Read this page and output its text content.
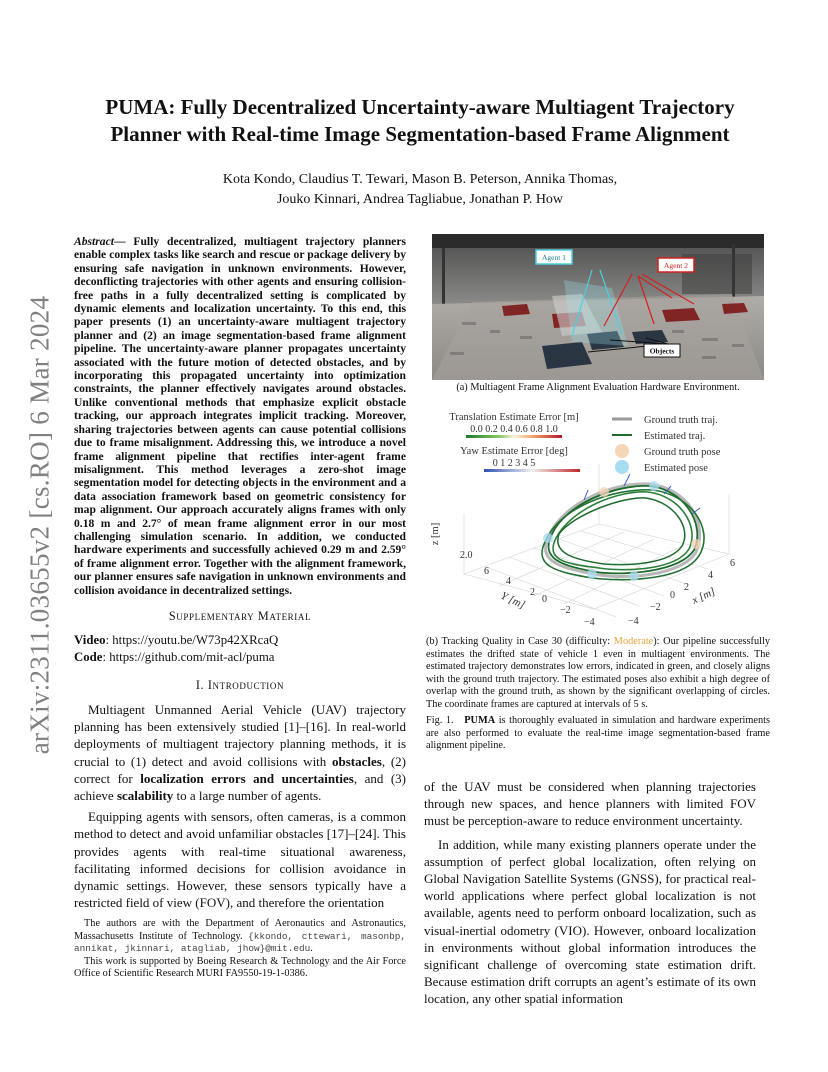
arXiv:2311.03655v2 [cs.RO] 6 Mar 2024
PUMA: Fully Decentralized Uncertainty-aware Multiagent Trajectory Planner with Real-time Image Segmentation-based Frame Alignment
Kota Kondo, Claudius T. Tewari, Mason B. Peterson, Annika Thomas,
Jouko Kinnari, Andrea Tagliabue, Jonathan P. How

Abstract— Fully decentralized, multiagent trajectory planners enable complex tasks like search and rescue or package delivery by ensuring safe navigation in unknown environments. However, deconflicting trajectories with other agents and ensuring collision-free paths in a fully decentralized setting is complicated by dynamic elements and localization uncertainty. To this end, this paper presents (1) an uncertainty-aware multiagent trajectory planner and (2) an image segmentation-based frame alignment pipeline. The uncertainty-aware planner propagates uncertainty associated with the future motion of detected obstacles, and by incorporating this propagated uncertainty into optimization constraints, the planner effectively navigates around obstacles. Unlike conventional methods that emphasize explicit obstacle tracking, our approach integrates implicit tracking. Moreover, sharing trajectories between agents can cause potential collisions due to frame misalignment. Addressing this, we introduce a novel frame alignment pipeline that rectifies inter-agent frame misalignment. This method leverages a zero-shot image segmentation model for detecting objects in the environment and a data association framework based on geometric consistency for map alignment. Our approach accurately aligns frames with only 0.18 m and 2.7° of mean frame alignment error in our most challenging simulation scenario. In addition, we conducted hardware experiments and successfully achieved 0.29 m and 2.59° of frame alignment error. Together with the alignment framework, our planner ensures safe navigation in unknown environments and collision avoidance in decentralized settings.

Supplementary Material
Video: https://youtu.be/W73p42XRcaQ
Code: https://github.com/mit-acl/puma
I. Introduction

Multiagent Unmanned Aerial Vehicle (UAV) trajectory planning has been extensively studied [1]–[16]. In real-world deployments of multiagent trajectory planning methods, it is crucial to (1) detect and avoid collisions with obstacles, (2) correct for localization errors and uncertainties, and (3) achieve scalability to a large number of agents.

Equipping agents with sensors, often cameras, is a common method to detect and avoid unfamiliar obstacles [17]–[24]. This provides agents with real-time situational awareness, facilitating informed decisions for collision avoidance in dynamic settings. However, these sensors typically have a restricted field of view (FOV), and therefore the orientation

The authors are with the Department of Aeronautics and Astronautics, Massachusetts Institute of Technology. {kkondo, cttewari, masonbp, annikat, jkinnari, atagliab, jhow}@mit.edu.

This work is supported by Boeing Research & Technology and the Air Force Office of Scientific Research MURI FA9550-19-1-0386.

Agent 1
Agent 2
Objects
(a) Multiagent Frame Alignment Evaluation Hardware Environment.
Translation Estimate Error [m]
0.0 0.2 0.4 0.6 0.8 1.0
Yaw Estimate Error [deg]
0 1 2 3 4 5
Ground truth traj.
Estimated traj.
Ground truth pose
Estimated pose
z [m]
2.0
6
4
2
0
−2
−4
Y [m]
6
4
2
0
−2
−4
x [m]
(b) Tracking Quality in Case 30 (difficulty: Moderate): Our pipeline successfully estimates the drifted state of vehicle 1 even in multiagent environments. The estimated trajectory demonstrates low errors, indicated in green, and closely aligns with the ground truth trajectory. The estimated poses also exhibit a high degree of overlap with the ground truth, as shown by the significant overlapping of circles. The coordinate frames are captured at intervals of 5 s.
Fig. 1. PUMA is thoroughly evaluated in simulation and hardware experiments are also performed to evaluate the real-time image segmentation-based frame alignment pipeline.

of the UAV must be considered when planning trajectories through new spaces, and hence planners with limited FOV must be perception-aware to reduce environment uncertainty.

In addition, while many existing planners operate under the assumption of perfect global localization, often relying on Global Navigation Satellite Systems (GNSS), for practical real-world applications where perfect global localization is not available, agents need to perform onboard localization, such as visual-inertial odometry (VIO). However, onboard localization in environments without global information introduces the significant challenge of overcoming state estimation drift. Because estimation drift corrupts an agent’s estimate of its own location, any other spatial information
